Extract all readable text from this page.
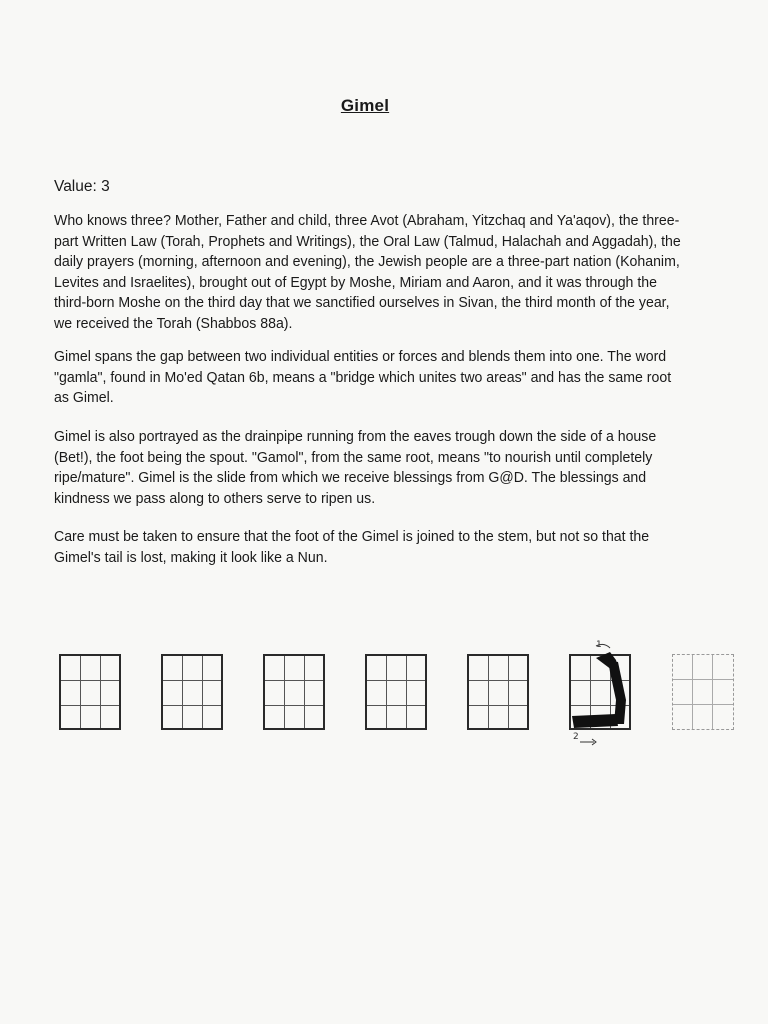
Gimel
Value: 3
Who knows three? Mother, Father and child, three Avot (Abraham, Yitzchaq and Ya'aqov), the three-part Written Law (Torah, Prophets and Writings), the Oral Law (Talmud, Halachah and Aggadah), the daily prayers (morning, afternoon and evening), the Jewish people are a three-part nation (Kohanim, Levites and Israelites), brought out of Egypt by Moshe, Miriam and Aaron, and it was through the third-born Moshe on the third day that we sanctified ourselves in Sivan, the third month of the year, we received the Torah (Shabbos 88a).
Gimel spans the gap between two individual entities or forces and blends them into one. The word "gamla", found in Mo'ed Qatan 6b, means a "bridge which unites two areas" and has the same root as Gimel.
Gimel is also portrayed as the drainpipe running from the eaves trough down the side of a house (Bet!), the foot being the spout. "Gamol", from the same root, means "to nourish until completely ripe/mature". Gimel is the slide from which we receive blessings from G@D. The blessings and kindness we pass along to others serve to ripen us.
Care must be taken to ensure that the foot of the Gimel is joined to the stem, but not so that the Gimel's tail is lost, making it look like a Nun.
1
2
